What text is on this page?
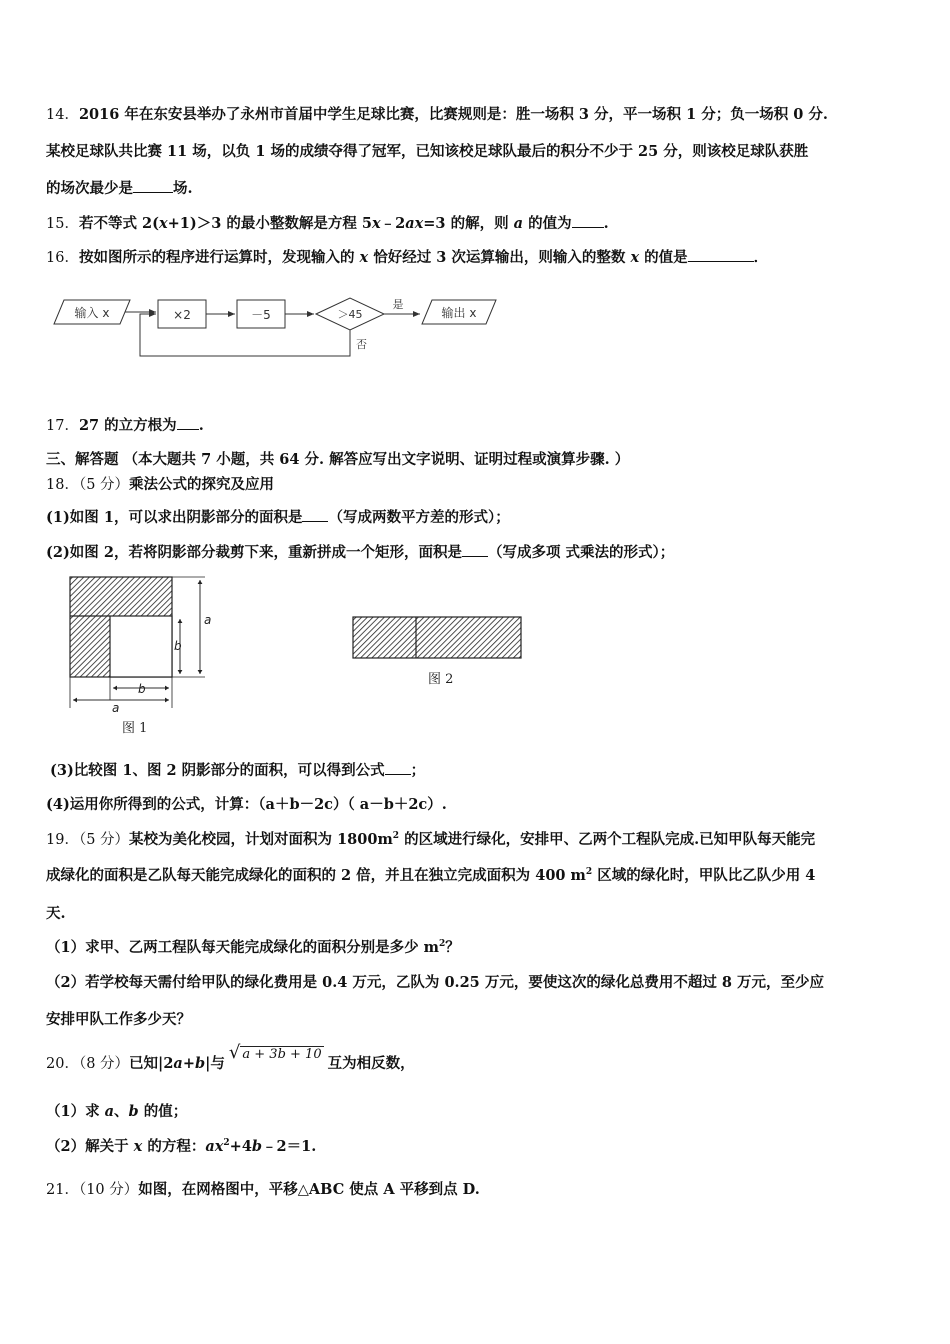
14．2016 年在东安县举办了永州市首届中学生足球比赛，比赛规则是：胜一场积 3 分，平一场积 1 分；负一场积 0 分.
某校足球队共比赛 11 场，以负 1 场的成绩夺得了冠军，已知该校足球队最后的积分不少于 25 分，则该校足球队获胜
的场次最少是	场.
15．若不等式 2(x+1)＞3 的最小整数解是方程 5x﹣2ax=3 的解，则 a 的值为 .
16．按如图所示的程序进行运算时，发现输入的 x 恰好经过 3 次运算输出，则输入的整数 x 的值是	．
输入 x	×2	－5	＞45
是
输出 x
否
17．27 的立方根为 .
三、解答题 （本大题共 7 小题，共 64 分. 解答应写出文字说明、证明过程或演算步骤. ）
18．（5 分）乘法公式的探究及应用
(1)如图 1，可以求出阴影部分的面积是 （写成两数平方差的形式）；
(2)如图 2，若将阴影部分裁剪下来，重新拼成一个矩形，面积是 （写成多项 式乘法的形式）；
a
b
b
a
图 1
图 2
(3)比较图 1、图 2 阴影部分的面积，可以得到公式 ；
(4)运用你所得到的公式，计算：（a＋b－2c）（ a－b＋2c）.
19．（5 分）某校为美化校园，计划对面积为 $1800m^2$ 的区域进行绿化，安排甲、乙两个工程队完成.已知甲队每天能完
成绿化的面积是乙队每天能完成绿化的面积的 2 倍，并且在独立完成面积为 400 $m^2$ 区域的绿化时，甲队比乙队少用 4
天.
（1）求甲、乙两工程队每天能完成绿化的面积分别是多少 $m^2$？
（2）若学校每天需付给甲队的绿化费用是 0.4 万元，乙队为 0.25 万元，要使这次的绿化总费用不超过 8 万元，至少应
安排甲队工作多少天？
20．（8 分）已知|2a+b|与√ a + 3b + 10互为相反数，
（1）求 a、b 的值；
（2）解关于 x 的方程：$ax^2+4b﹣2=1$.
21．（10 分）如图，在网格图中，平移△ABC 使点 A 平移到点 D.
